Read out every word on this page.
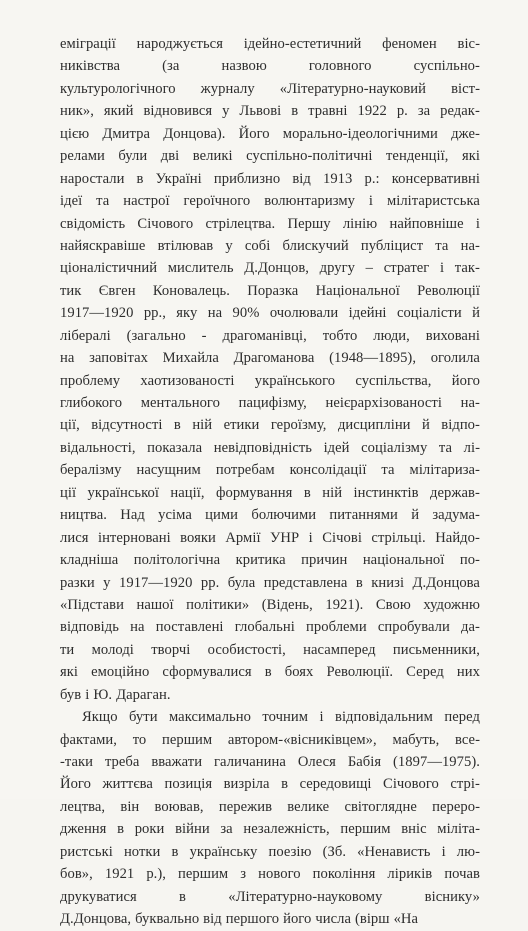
еміграції народжується ідейно-естетичний феномен віс-
никівства	(за	назвою	головного	суспільно-
культурологічного журналу «Літературно-науковий віст-
ник», який відновився у Львові в травні 1922 р. за редак-
цією Дмитра Донцова). Його морально-ідеологічними дже-
релами були дві великі суспільно-політичні тенденції, які
наростали в Україні приблизно від 1913 р.: консервативні
ідеї та настрої героїчного волюнтаризму і мілітаристська
свідомість Січового стрілецтва. Першу лінію найповніше і
найяскравіше втілював у собі блискучий публіцист та на-
ціоналістичний мислитель Д.Донцов, другу – стратег і так-
тик Євген Коновалець. Поразка Національної Революції
1917—1920 рр., яку на 90% очолювали ідейні соціалісти й
лібералі (загально - драгоманівці, тобто люди, виховані
на заповітах Михайла Драгоманова (1948—1895), оголила
проблему хаотизованості українського суспільства, його
глибокого ментального пацифізму, неієрархізованості на-
ції, відсутності в ній етики героїзму, дисципліни й відпо-
відальності, показала невідповідність ідей соціалізму та лі-
бералізму насущним потребам консолідації та мілітаризa-
ції української нації, формування в ній інстинктів держав-
ництва. Над усіма цими болючими питаннями й задума-
лися інтерновані вояки Армії УНР і Січові стрільці. Найдо-
кладніша політологічна критика причин національної по-
разки у 1917—1920 рр. була представлена в книзі Д.Донцова
«Підстави нашої політики» (Відень, 1921). Свою художню
відповідь на поставлені глобальні проблеми спробували да-
ти молоді творчі особистості, насамперед письменники,
які емоційно сформувалися в боях Революції. Серед них
був і Ю. Дараган.
Якщо бути максимально точним і відповідальним перед
фактами, то першим автором-«вісниківцем», мабуть, все-
-таки треба вважати галичанина Олеся Бабія (1897—1975).
Його життєва позиція визріла в середовищі Січового стрі-
лецтва, він воював, пережив велике світоглядне перерo-
дження в роки війни за незалежність, першим вніс мілітa-
ристські нотки в українську поезію (Зб. «Ненависть і лю-
бов», 1921 р.), першим з нового покоління ліриків почав
друкуватися	в	«Літературно-науковому	віснику»
Д.Донцова, буквально від першого його числа (вірш «На
